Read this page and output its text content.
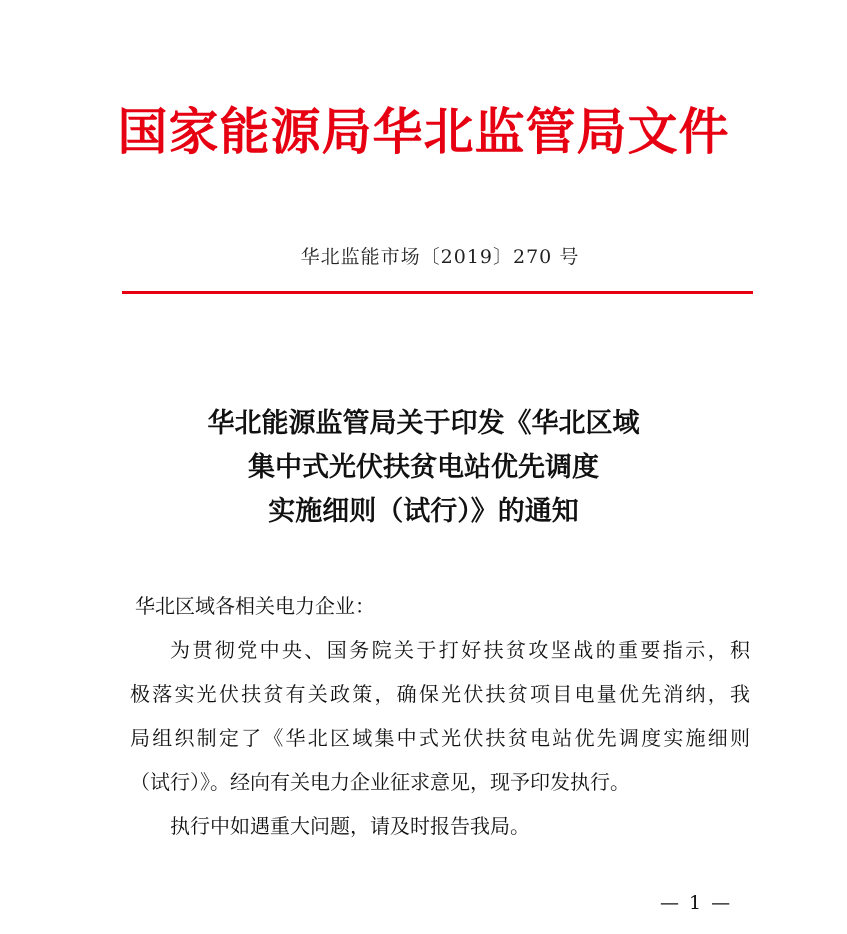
国家能源局华北监管局文件
华北监能市场〔2019〕270 号
华北能源监管局关于印发《华北区域
集中式光伏扶贫电站优先调度
实施细则（试行）》的通知
华北区域各相关电力企业：
为贯彻党中央、国务院关于打好扶贫攻坚战的重要指示，积
极落实光伏扶贫有关政策，确保光伏扶贫项目电量优先消纳，我
局组织制定了《华北区域集中式光伏扶贫电站优先调度实施细则
（试行）》。经向有关电力企业征求意见，现予印发执行。
执行中如遇重大问题，请及时报告我局。
— 1 —
